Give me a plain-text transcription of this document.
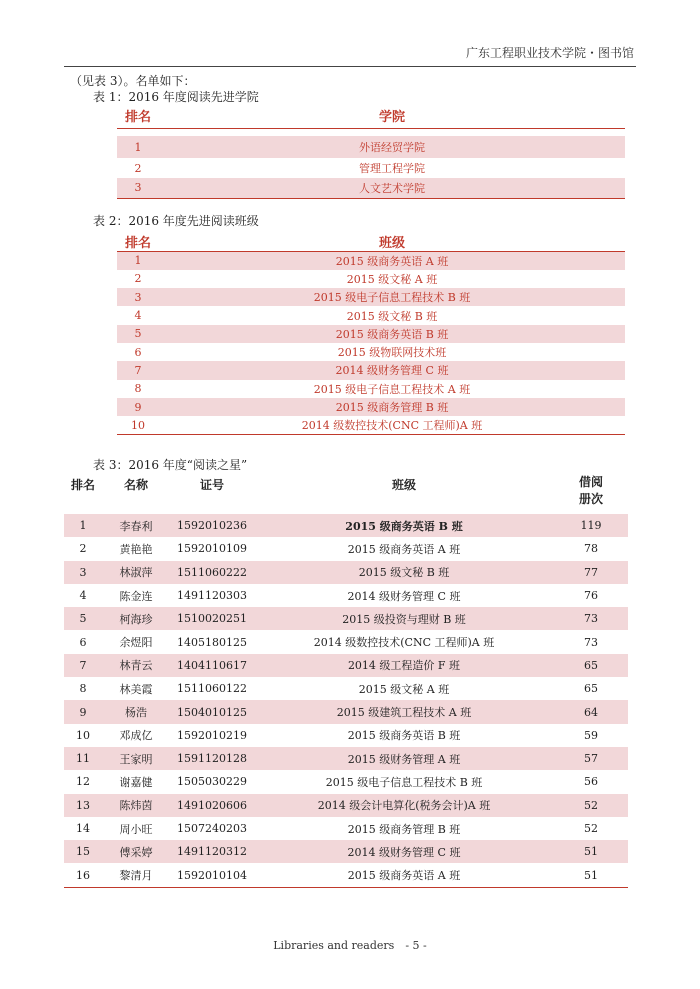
广东工程职业技术学院・图书馆
（见表 3）。名单如下：
表 1：2016 年度阅读先进学院
排名	学院

1	外语经贸学院
2	管理工程学院
3	人文艺术学院
表 2：2016 年度先进阅读班级
排名	班级
1	2015 级商务英语 A 班
2	2015 级文秘 A 班
3	2015 级电子信息工程技术 B 班
4	2015 级文秘 B 班
5	2015 级商务英语 B 班
6	2015 级物联网技术班
7	2014 级财务管理 C 班
8	2015 级电子信息工程技术 A 班
9	2015 级商务管理 B 班
10	2014 级数控技术(CNC 工程师)A 班
表 3：2016 年度“阅读之星”
排名	名称	证号	班级	借阅
册次
1	李春利	1592010236	2015 级商务英语 B 班	119
2	黄艳艳	1592010109	2015 级商务英语 A 班	78
3	林淑萍	1511060222	2015 级文秘 B 班	77
4	陈金连	1491120303	2014 级财务管理 C 班	76
5	柯海珍	1510020251	2015 级投资与理财 B 班	73
6	余煜阳	1405180125	2014 级数控技术(CNC 工程师)A 班	73
7	林青云	1404110617	2014 级工程造价 F 班	65
8	林美霞	1511060122	2015 级文秘 A 班	65
9	杨浩	1504010125	2015 级建筑工程技术 A 班	64
10	邓成亿	1592010219	2015 级商务英语 B 班	59
11	王家明	1591120128	2015 级财务管理 A 班	57
12	谢嘉健	1505030229	2015 级电子信息工程技术 B 班	56
13	陈炜茵	1491020606	2014 级会计电算化(税务会计)A 班	52
14	周小旺	1507240203	2015 级商务管理 B 班	52
15	傅采婷	1491120312	2014 级财务管理 C 班	51
16	黎清月	1592010104	2015 级商务英语 A 班	51
Libraries and readers　- 5 -
